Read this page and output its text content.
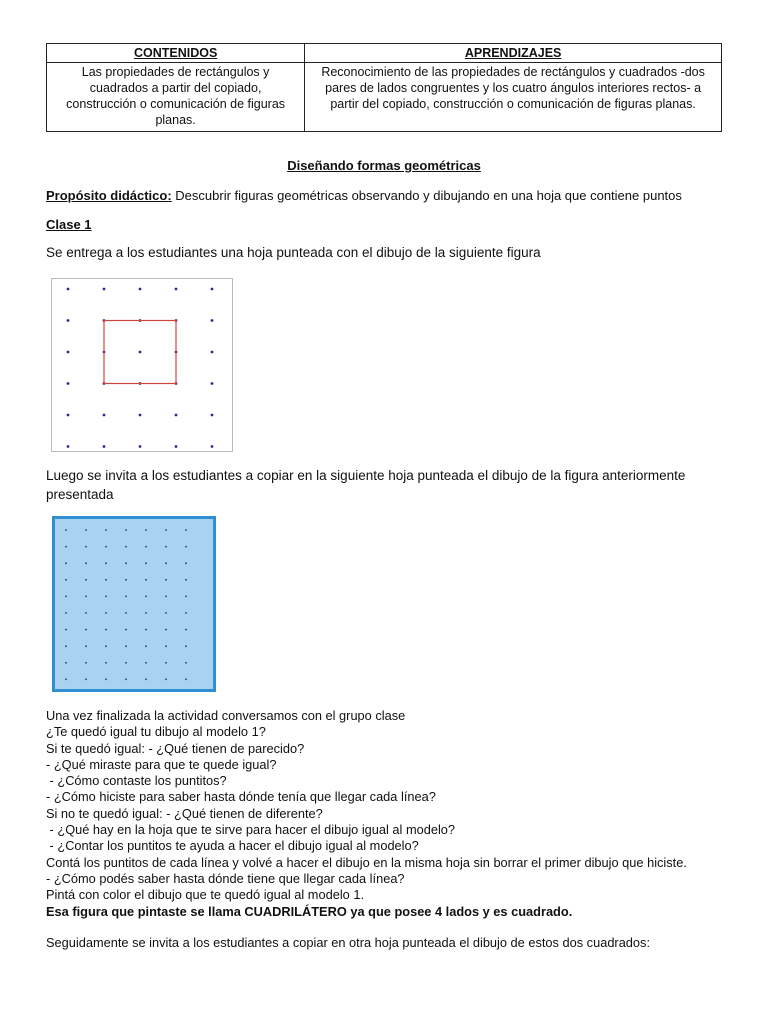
CONTENIDOS	APRENDIZAJES
Las propiedades de rectángulos y cuadrados a partir del copiado, construcción o comunicación de figuras planas.	Reconocimiento de las propiedades de rectángulos y cuadrados -dos pares de lados congruentes y los cuatro ángulos interiores rectos- a partir del copiado, construcción o comunicación de figuras planas.
Diseñando formas geométricas
Propósito didáctico: Descubrir figuras geométricas observando y dibujando en una hoja que contiene puntos
Clase 1
Se entrega a los estudiantes una hoja punteada con el dibujo de la siguiente figura
Luego se invita a los estudiantes a copiar en la siguiente hoja punteada el dibujo de la figura anteriormente presentada
Una vez finalizada la actividad conversamos con el grupo clase
¿Te quedó igual tu dibujo al modelo 1?
Si te quedó igual: - ¿Qué tienen de parecido?
- ¿Qué miraste para que te quede igual?
- ¿Cómo contaste los puntitos?
- ¿Cómo hiciste para saber hasta dónde tenía que llegar cada línea?
Si no te quedó igual: - ¿Qué tienen de diferente?
- ¿Qué hay en la hoja que te sirve para hacer el dibujo igual al modelo?
- ¿Contar los puntitos te ayuda a hacer el dibujo igual al modelo?
Contá los puntitos de cada línea y volvé a hacer el dibujo en la misma hoja sin borrar el primer dibujo que hiciste.
- ¿Cómo podés saber hasta dónde tiene que llegar cada línea?
Pintá con color el dibujo que te quedó igual al modelo 1.
Esa figura que pintaste se llama CUADRILÁTERO ya que posee 4 lados y es cuadrado.
Seguidamente se invita a los estudiantes a copiar en otra hoja punteada el dibujo de estos dos cuadrados:
